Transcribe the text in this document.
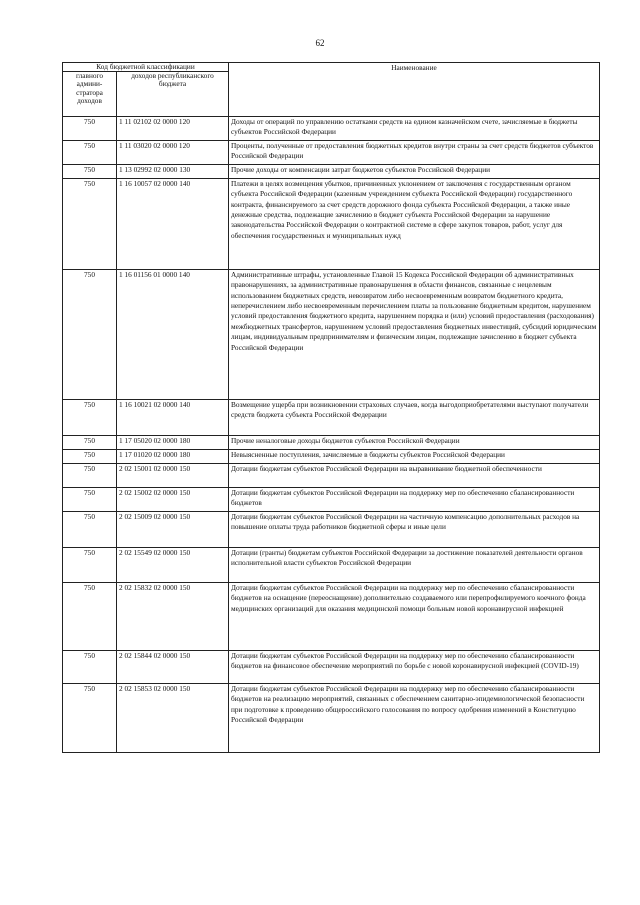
62
Код бюджетной классификации		Наименование
главного админи-стратора доходов	доходов республиканского бюджета	
750	1 11 02102 02 0000 120	Доходы от операций по управлению остатками средств на едином казначейском счете, зачисляемые в бюджеты субъектов Российской Федерации
750	1 11 03020 02 0000 120	Проценты, полученные от предоставления бюджетных кредитов внутри страны за счет средств бюджетов субъектов Российской Федерации
750	1 13 02992 02 0000 130	Прочие доходы от компенсации затрат бюджетов субъектов Российской Федерации
750	1 16 10057 02 0000 140	Платежи в целях возмещения убытков, причиненных уклонением от заключения с государственным органом субъекта Российской Федерации (казенным учреждением субъекта Российской Федерации) государственного контракта, финансируемого за счет средств дорожного фонда субъекта Российской Федерации, а также иные денежные средства, подлежащие зачислению в бюджет субъекта Российской Федерации за нарушение законодательства Российской Федерации о контрактной системе в сфере закупок товаров, работ, услуг для обеспечения государственных и муниципальных нужд
750	1 16 01156 01 0000 140	Административные штрафы, установленные Главой 15 Кодекса Российской Федерации об административных правонарушениях, за административные правонарушения в области финансов, связанные с нецелевым использованием бюджетных средств, невозвратом либо несвоевременным возвратом бюджетного кредита, неперечислением либо несвоевременным перечислением платы за пользование бюджетным кредитом, нарушением условий предоставления бюджетного кредита, нарушением порядка и (или) условий предоставления (расходования) межбюджетных трансфертов, нарушением условий предоставления бюджетных инвестиций, субсидий юридическим лицам, индивидуальным предпринимателям и физическим лицам, подлежащие зачислению в бюджет субъекта Российской Федерации
750	1 16 10021 02 0000 140	Возмещение ущерба при возникновении страховых случаев, когда выгодоприобретателями выступают получатели средств бюджета субъекта Российской Федерации
750	1 17 05020 02 0000 180	Прочие неналоговые доходы бюджетов субъектов Российской Федерации
750	1 17 01020 02 0000 180	Невыясненные поступления, зачисляемые в бюджеты субъектов Российской Федерации
750	2 02 15001 02 0000 150	Дотации бюджетам субъектов Российской Федерации на выравнивание бюджетной обеспеченности
750	2 02 15002 02 0000 150	Дотации бюджетам субъектов Российской Федерации на поддержку мер по обеспечению сбалансированности бюджетов
750	2 02 15009 02 0000 150	Дотации бюджетам субъектов Российской Федерации на частичную компенсацию дополнительных расходов на повышение оплаты труда работников бюджетной сферы и иные цели
750	2 02 15549 02 0000 150	Дотации (гранты) бюджетам субъектов Российской Федерации за достижение показателей деятельности органов исполнительной власти субъектов Российской Федерации
750	2 02 15832 02 0000 150	Дотации бюджетам субъектов Российской Федерации на поддержку мер по обеспечению сбалансированности бюджетов на оснащение (переоснащение) дополнительно создаваемого или перепрофилируемого коечного фонда медицинских организаций для оказания медицинской помощи больным новой коронавирусной инфекцией
750	2 02 15844 02 0000 150	Дотации бюджетам субъектов Российской Федерации на поддержку мер по обеспечению сбалансированности бюджетов на финансовое обеспечение мероприятий по борьбе с новой коронавирусной инфекцией (COVID-19)
750	2 02 15853 02 0000 150	Дотации бюджетам субъектов Российской Федерации на поддержку мер по обеспечению сбалансированности бюджетов на реализацию мероприятий, связанных с обеспечением санитарно-эпидемиологической безопасности при подготовке к проведению общероссийского голосования по вопросу одобрения изменений в Конституцию Российской Федерации
